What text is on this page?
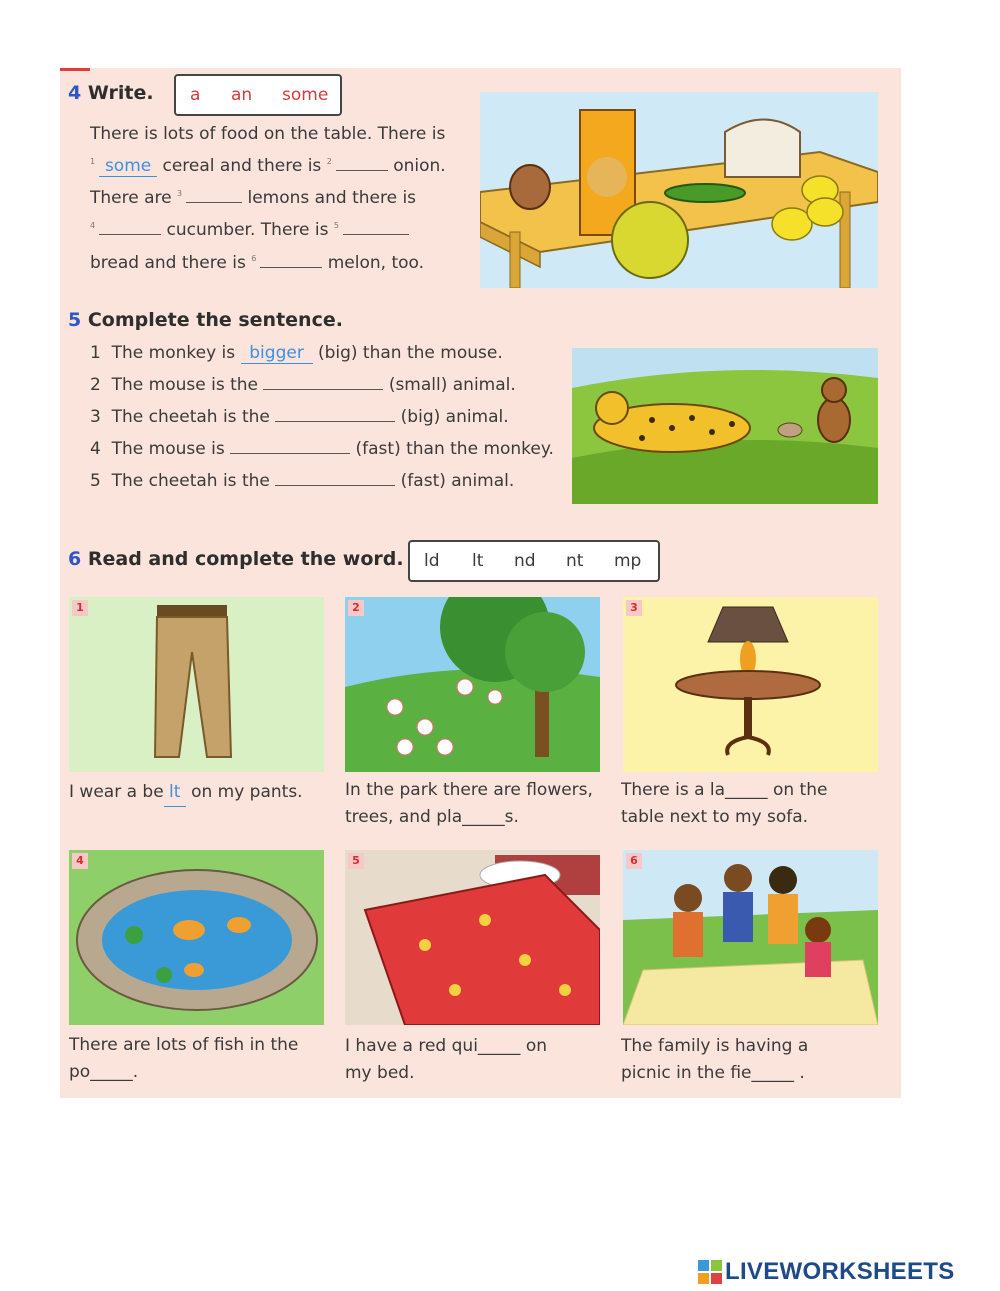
4 Write. a an some
There is lots of food on the table. There is
$^1$ some cereal and there is $^2$	onion.
There are $^3$	lemons and there is
$^4$	cucumber. There is $^5$
bread and there is $^6$	melon, too.
5 Complete the sentence.
1 The monkey is bigger (big) than the mouse.
2 The mouse is the	(small) animal.
3 The cheetah is the	(big) animal.
4 The mouse is	(fast) than the monkey.
5 The cheetah is the	(fast) animal.
6 Read and complete the word. ld lt nd nt mp
1
I wear a be lt on my pants.
2
In the park there are flowers,
trees, and pla_____s.
3
There is a la_____ on the
table next to my sofa.
4
There are lots of fish in the
po_____.
5
I have a red qui_____ on
my bed.
6
The family is having a
picnic in the fie_____ .
LIVEWORKSHEETS
